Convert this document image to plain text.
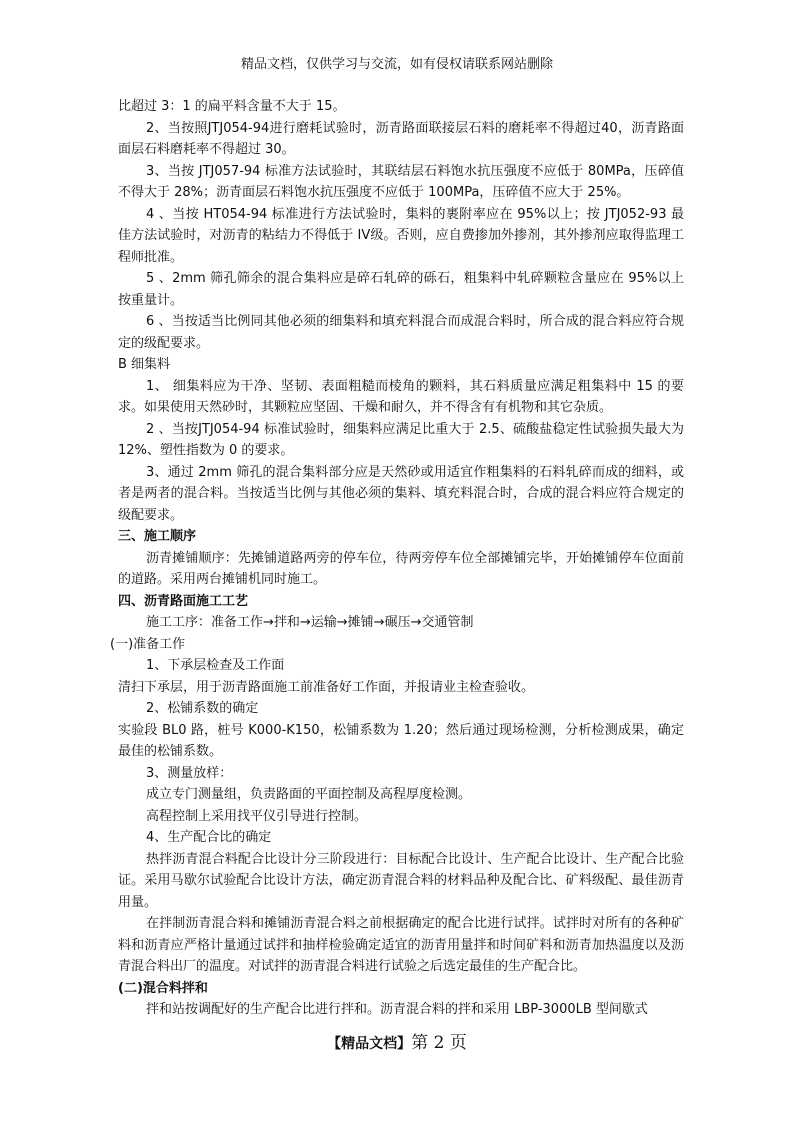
精品文档，仅供学习与交流，如有侵权请联系网站删除

比超过 3：1 的扁平料含量不大于 15。

2、当按照JTJ054-94进行磨耗试验时，沥青路面联接层石料的磨耗率不得超过40，沥青路面面层石料磨耗率不得超过 30。

3、当按 JTJ057-94 标准方法试验时，其联结层石料饱水抗压强度不应低于 80MPa，压碎值不得大于 28%；沥青面层石料饱水抗压强度不应低于 100MPa，压碎值不应大于 25%。

4 、当按 HT054-94 标准进行方法试验时，集料的裹附率应在 95%以上；按 JTJ052-93 最佳方法试验时，对沥青的粘结力不得低于 IV级。否则，应自费掺加外掺剂，其外掺剂应取得监理工程师批准。

5 、2mm 筛孔筛余的混合集料应是碎石轧碎的砾石，粗集料中轧碎颗粒含量应在 95%以上按重量计。

6 、当按适当比例同其他必须的细集料和填充料混合而成混合料时，所合成的混合料应符合规定的级配要求。

B 细集料

1、 细集料应为干净、坚韧、表面粗糙而棱角的颗料，其石料质量应满足粗集料中 15 的要求。如果使用天然砂时，其颗粒应坚固、干燥和耐久，并不得含有有机物和其它杂质。

2 、当按JTJ054-94 标准试验时，细集料应满足比重大于 2.5、硫酸盐稳定性试验损失最大为 12%、塑性指数为 0 的要求。

3、通过 2mm 筛孔的混合集料部分应是天然砂或用适宜作粗集料的石料轧碎而成的细料，或者是两者的混合料。当按适当比例与其他必须的集料、填充料混合时，合成的混合料应符合规定的级配要求。

三、施工顺序

沥青摊铺顺序：先摊铺道路两旁的停车位，待两旁停车位全部摊铺完毕，开始摊铺停车位面前的道路。采用两台摊铺机同时施工。

四、沥青路面施工工艺

施工工序：准备工作→拌和→运输→摊铺→碾压→交通管制

(一)准备工作

1、下承层检查及工作面

清扫下承层，用于沥青路面施工前准备好工作面，并报请业主检查验收。

2、松铺系数的确定

实验段 BL0 路，桩号 K000-K150，松铺系数为 1.20；然后通过现场检测，分析检测成果，确定最佳的松铺系数。

3、测量放样：

成立专门测量组，负责路面的平面控制及高程厚度检测。

高程控制上采用找平仪引导进行控制。

4、生产配合比的确定

热拌沥青混合料配合比设计分三阶段进行：目标配合比设计、生产配合比设计、生产配合比验证。采用马歇尔试验配合比设计方法，确定沥青混合料的材料品种及配合比、矿料级配、最佳沥青用量。

在拌制沥青混合料和摊铺沥青混合料之前根据确定的配合比进行试拌。试拌时对所有的各种矿料和沥青应严格计量通过试拌和抽样检验确定适宜的沥青用量拌和时间矿料和沥青加热温度以及沥青混合料出厂的温度。对试拌的沥青混合料进行试验之后选定最佳的生产配合比。

(二)混合料拌和

拌和站按调配好的生产配合比进行拌和。沥青混合料的拌和采用 LBP-3000LB 型间歇式

【精品文档】第 2 页
